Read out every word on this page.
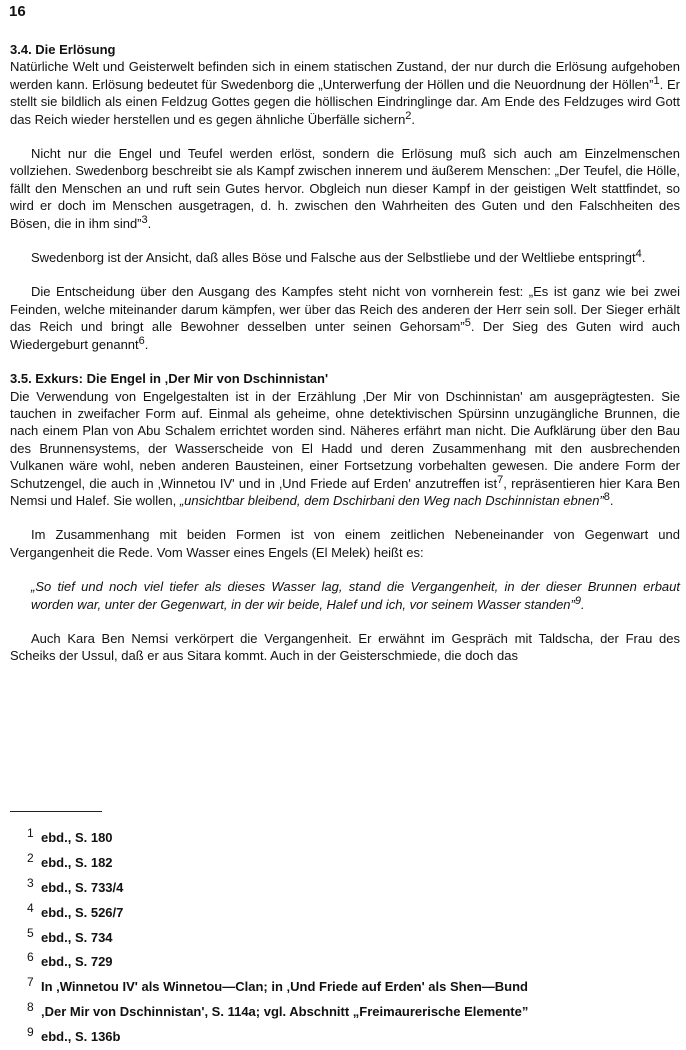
16
3.4. Die Erlösung

Natürliche Welt und Geisterwelt befinden sich in einem statischen Zustand, der nur durch die Erlösung aufgehoben werden kann. Erlösung bedeutet für Swedenborg die „Unterwerfung der Höllen und die Neuordnung der Höllen”$^1$. Er stellt sie bildlich als einen Feldzug Gottes gegen die höllischen Eindringlinge dar. Am Ende des Feldzuges wird Gott das Reich wieder herstellen und es gegen ähnliche Überfälle sichern$^2$.

Nicht nur die Engel und Teufel werden erlöst, sondern die Erlösung muß sich auch am Einzelmenschen vollziehen. Swedenborg beschreibt sie als Kampf zwischen innerem und äußerem Menschen: „Der Teufel, die Hölle, fällt den Menschen an und ruft sein Gutes hervor. Obgleich nun dieser Kampf in der geistigen Welt stattfindet, so wird er doch im Menschen ausgetragen, d. h. zwischen den Wahrheiten des Guten und den Falschheiten des Bösen, die in ihm sind”$^3$.

Swedenborg ist der Ansicht, daß alles Böse und Falsche aus der Selbstliebe und der Weltliebe entspringt$^4$.

Die Entscheidung über den Ausgang des Kampfes steht nicht von vornherein fest: „Es ist ganz wie bei zwei Feinden, welche miteinander darum kämpfen, wer über das Reich des anderen der Herr sein soll. Der Sieger erhält das Reich und bringt alle Bewohner desselben unter seinen Gehorsam”$^5$. Der Sieg des Guten wird auch Wiedergeburt genannt$^6$.

3.5. Exkurs: Die Engel in ‚Der Mir von Dschinnistan'

Die Verwendung von Engelgestalten ist in der Erzählung ‚Der Mir von Dschinnistan' am ausgeprägtesten. Sie tauchen in zweifacher Form auf. Einmal als geheime, ohne detektivischen Spürsinn unzugängliche Brunnen, die nach einem Plan von Abu Schalem errichtet worden sind. Näheres erfährt man nicht. Die Aufklärung über den Bau des Brunnensystems, der Wasserscheide von El Hadd und deren Zusammenhang mit den ausbrechenden Vulkanen wäre wohl, neben anderen Bausteinen, einer Fortsetzung vorbehalten gewesen. Die andere Form der Schutzengel, die auch in ‚Winnetou IV' und in ‚Und Friede auf Erden' anzutreffen ist$^7$, repräsentieren hier Kara Ben Nemsi und Halef. Sie wollen, „unsichtbar bleibend, dem Dschirbani den Weg nach Dschinnistan ebnen”$^8$.

Im Zusammenhang mit beiden Formen ist von einem zeitlichen Nebeneinander von Gegenwart und Vergangenheit die Rede. Vom Wasser eines Engels (El Melek) heißt es:

„So tief und noch viel tiefer als dieses Wasser lag, stand die Vergangenheit, in der dieser Brunnen erbaut worden war, unter der Gegenwart, in der wir beide, Halef und ich, vor seinem Wasser standen”$^9$.

Auch Kara Ben Nemsi verkörpert die Vergangenheit. Er erwähnt im Gespräch mit Taldscha, der Frau des Scheiks der Ussul, daß er aus Sitara kommt. Auch in der Geisterschmiede, die doch das

1 ebd., S. 180
2 ebd., S. 182
3 ebd., S. 733/4
4 ebd., S. 526/7
5 ebd., S. 734
6 ebd., S. 729
7 In ‚Winnetou IV' als Winnetou—Clan; in ‚Und Friede auf Erden' als Shen—Bund
8 ‚Der Mir von Dschinnistan', S. 114a; vgl. Abschnitt „Freimaurerische Elemente”
9 ebd., S. 136b
